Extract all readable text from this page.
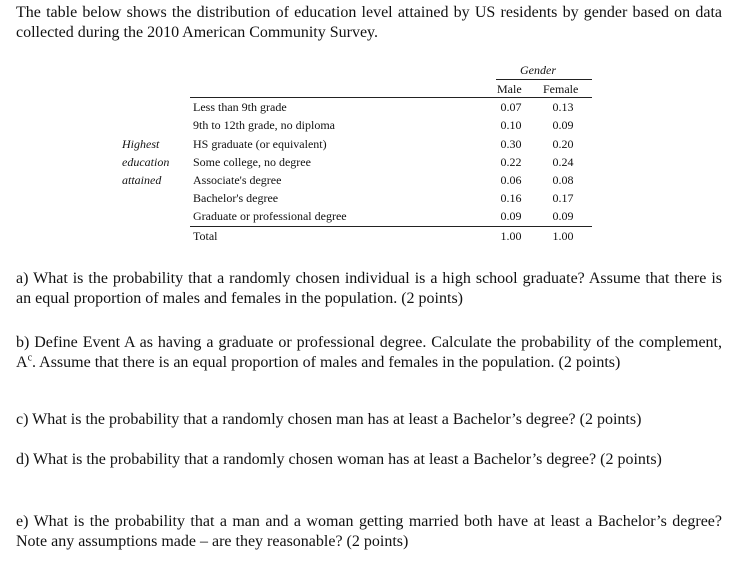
The table below shows the distribution of education level attained by US residents by gender based on data collected during the 2010 American Community Survey.

Gender
Male Female
Highest
education
attained
Less than 9th grade	0.07	0.13
9th to 12th grade, no diploma	0.10	0.09
HS graduate (or equivalent)	0.30	0.20
Some college, no degree	0.22	0.24
Associate's degree	0.06	0.08
Bachelor's degree	0.16	0.17
Graduate or professional degree	0.09	0.09
Total	1.00	1.00

a) What is the probability that a randomly chosen individual is a high school graduate? Assume that there is an equal proportion of males and females in the population. (2 points)

b) Define Event A as having a graduate or professional degree. Calculate the probability of the complement, $A^c$. Assume that there is an equal proportion of males and females in the population. (2 points)

c) What is the probability that a randomly chosen man has at least a Bachelor’s degree? (2 points)

d) What is the probability that a randomly chosen woman has at least a Bachelor’s degree? (2 points)

e) What is the probability that a man and a woman getting married both have at least a Bachelor’s degree? Note any assumptions made – are they reasonable? (2 points)
